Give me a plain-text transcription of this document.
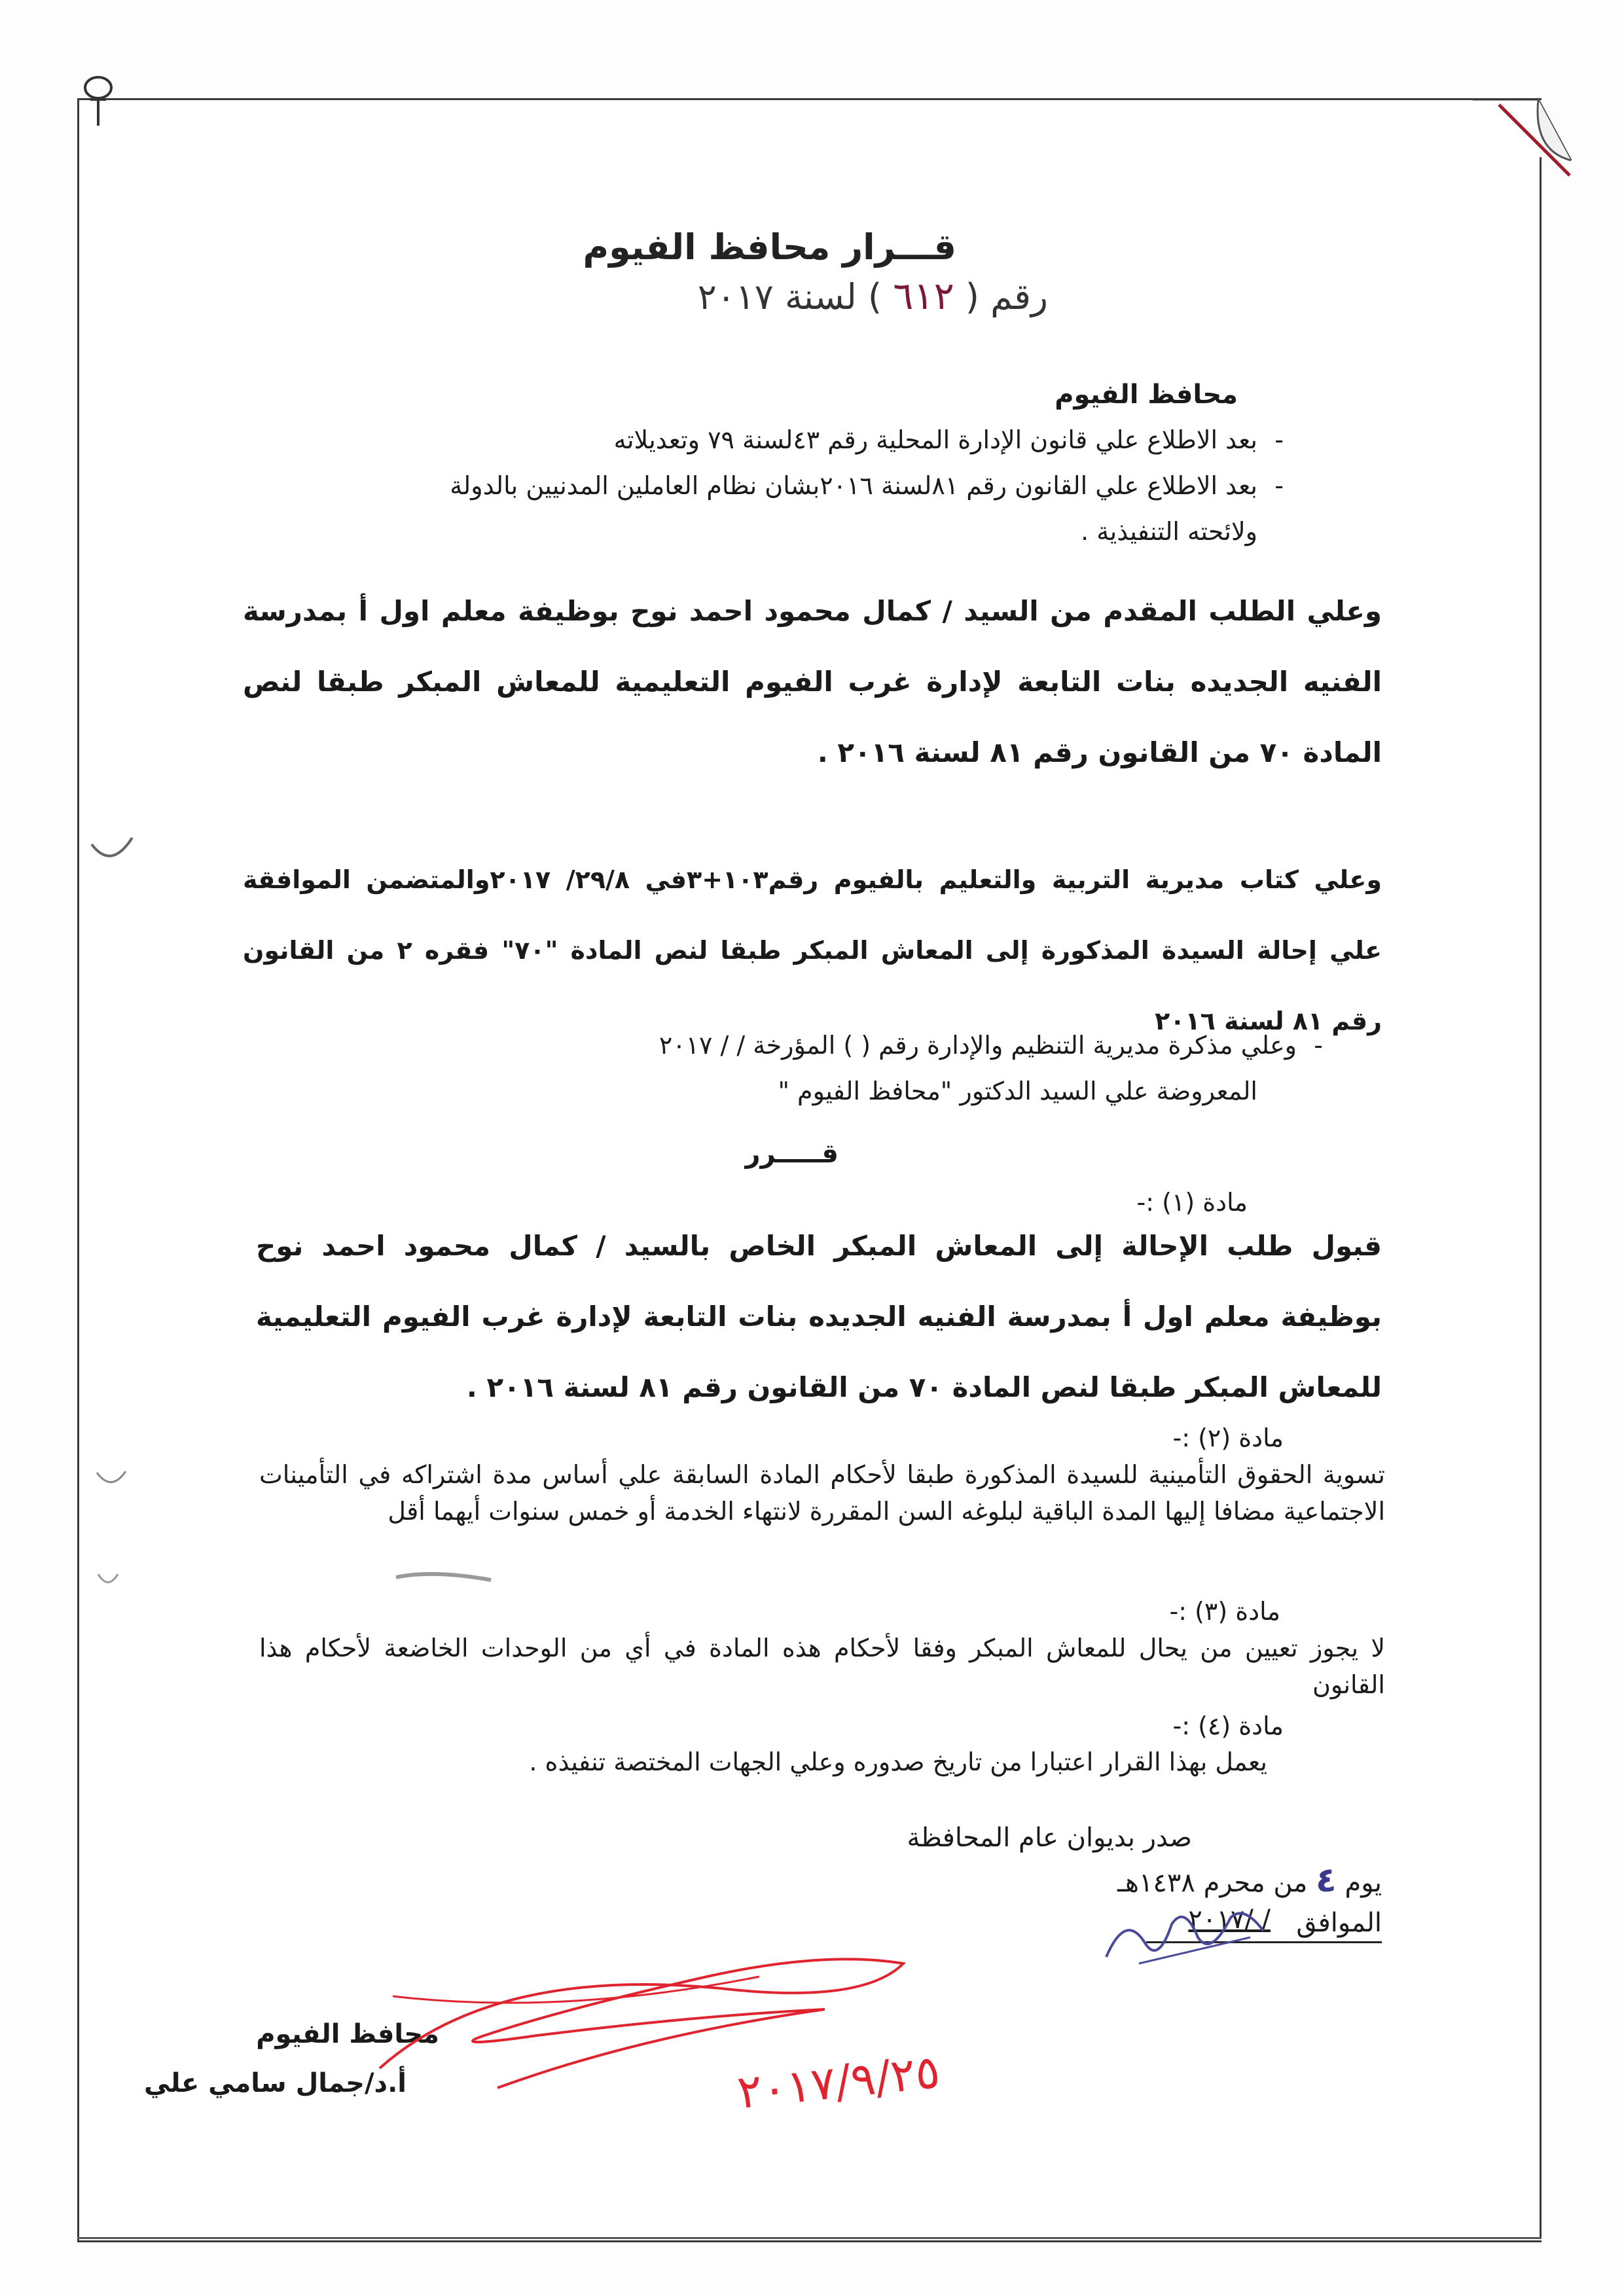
قـــرار محافظ الفيوم
رقم ( ٦١٢ ) لسنة ٢٠١٧
محافظ الفيوم
-بعد الاطلاع علي قانون الإدارة المحلية رقم ٤٣لسنة ٧٩ وتعديلاته
-بعد الاطلاع علي القانون رقم ٨١لسنة ٢٠١٦بشان نظام العاملين المدنيين بالدولة
ولائحته التنفيذية .
وعلي الطلب المقدم من السيد / كمال محمود احمد نوح بوظيفة معلم اول أ بمدرسة الفنيه الجديده بنات التابعة لإدارة غرب الفيوم التعليمية للمعاش المبكر طبقا لنص المادة ٧٠ من القانون رقم ٨١ لسنة ٢٠١٦ .
وعلي كتاب مديرية التربية والتعليم بالفيوم رقم١٠٣+٣في ٢٩/٨/ ٢٠١٧والمتضمن الموافقة علي إحالة السيدة المذكورة إلى المعاش المبكر طبقا لنص المادة "٧٠" فقره ٢ من القانون رقم ٨١ لسنة ٢٠١٦
-وعلي مذكرة مديرية التنظيم والإدارة رقم ( ) المؤرخة / / ٢٠١٧
المعروضة علي السيد الدكتور "محافظ الفيوم "
قـــــرر
مادة (١) :-
قبول طلب الإحالة إلى المعاش المبكر الخاص بالسيد / كمال محمود احمد نوح بوظيفة معلم اول أ بمدرسة الفنيه الجديده بنات التابعة لإدارة غرب الفيوم التعليمية للمعاش المبكر طبقا لنص المادة ٧٠ من القانون رقم ٨١ لسنة ٢٠١٦ .
مادة (٢) :-
تسوية الحقوق التأمينية للسيدة المذكورة طبقا لأحكام المادة السابقة علي أساس مدة اشتراكه في التأمينات الاجتماعية مضافا إليها المدة الباقية لبلوغه السن المقررة لانتهاء الخدمة أو خمس سنوات أيهما أقل
مادة (٣) :-
لا يجوز تعيين من يحال للمعاش المبكر وفقا لأحكام هذه المادة في أي من الوحدات الخاضعة لأحكام هذا القانون
مادة (٤) :-
يعمل بهذا القرار اعتبارا من تاريخ صدوره وعلي الجهات المختصة تنفيذه .
صدر بديوان عام المحافظة
يوم ٤ من محرم ١٤٣٨هـ
الموافق
/ /٢٠١٧
محافظ الفيوم
أ.د/جمال سامي علي	٢٠١٧/٩/٢٥
